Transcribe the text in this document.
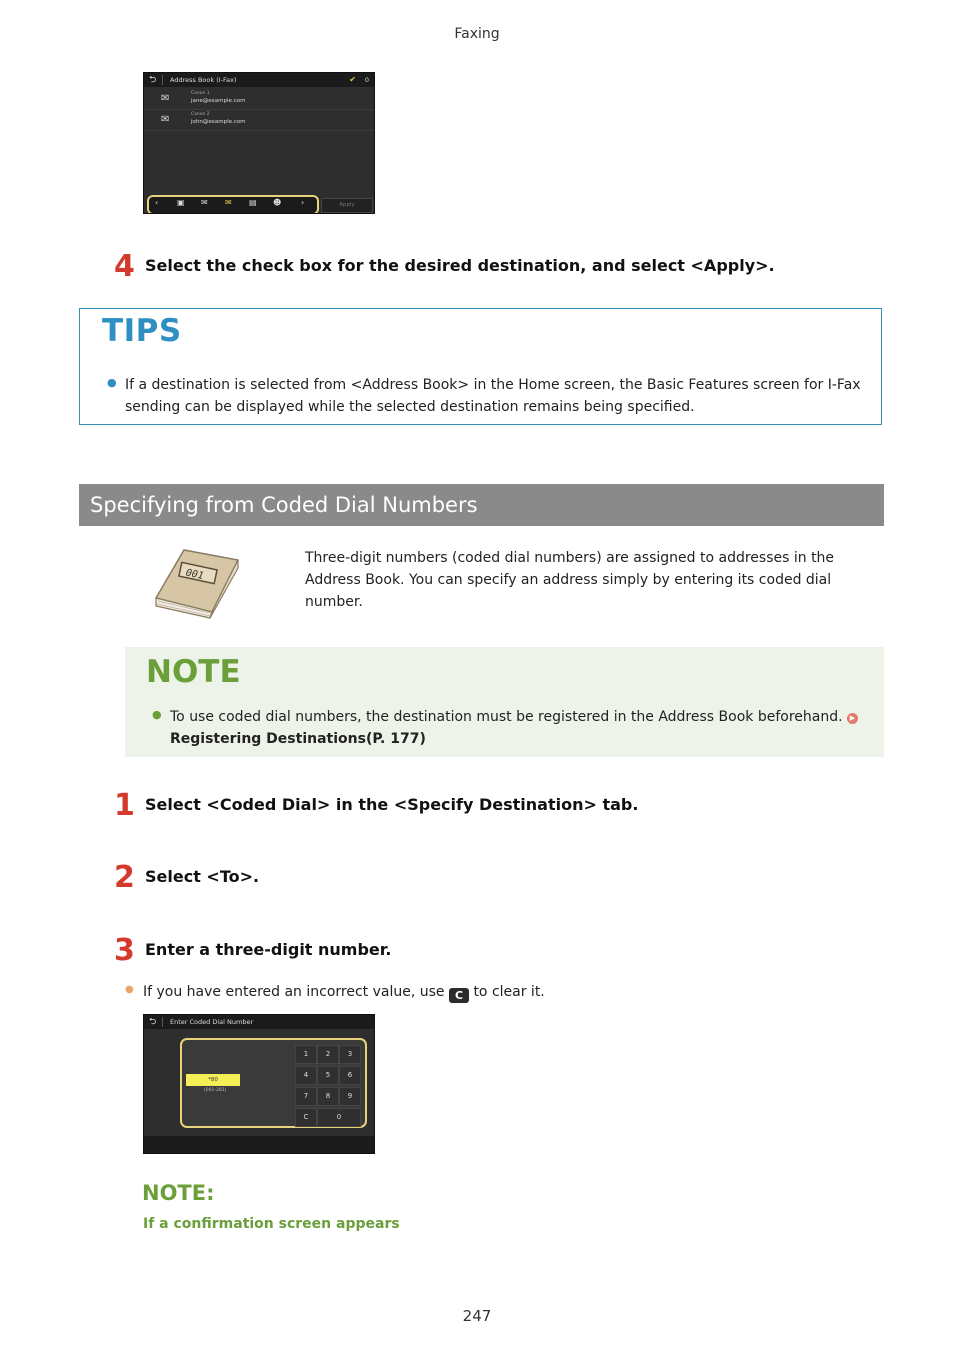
Faxing
⮌ Address Book (I-Fax)	✔ 0
✉	Canon 1
jane@example.com
✉	Canon 2
john@example.com
‹ ▣ ✉ ✉ ▤ ☻ ›	Apply
4 Select the check box for the desired destination, and select <Apply>.
TIPS
● If a destination is selected from <Address Book> in the Home screen, the Basic Features screen for I-Fax sending can be displayed while the selected destination remains being specified.
Specifying from Coded Dial Numbers
001
Three-digit numbers (coded dial numbers) are assigned to addresses in the Address Book. You can specify an address simply by entering its coded dial number.
NOTE
● To use coded dial numbers, the destination must be registered in the Address Book beforehand. ▶
Registering Destinations(P. 177)
1 Select <Coded Dial> in the <Specify Destination> tab.
2 Select <To>.
3 Enter a three-digit number.
● If you have entered an incorrect value, use C to clear it.
⮌ Enter Coded Dial Number
*80
(001-281)
1	2	3
4	5	6
7	8	9
C	0
NOTE:
If a confirmation screen appears
247
